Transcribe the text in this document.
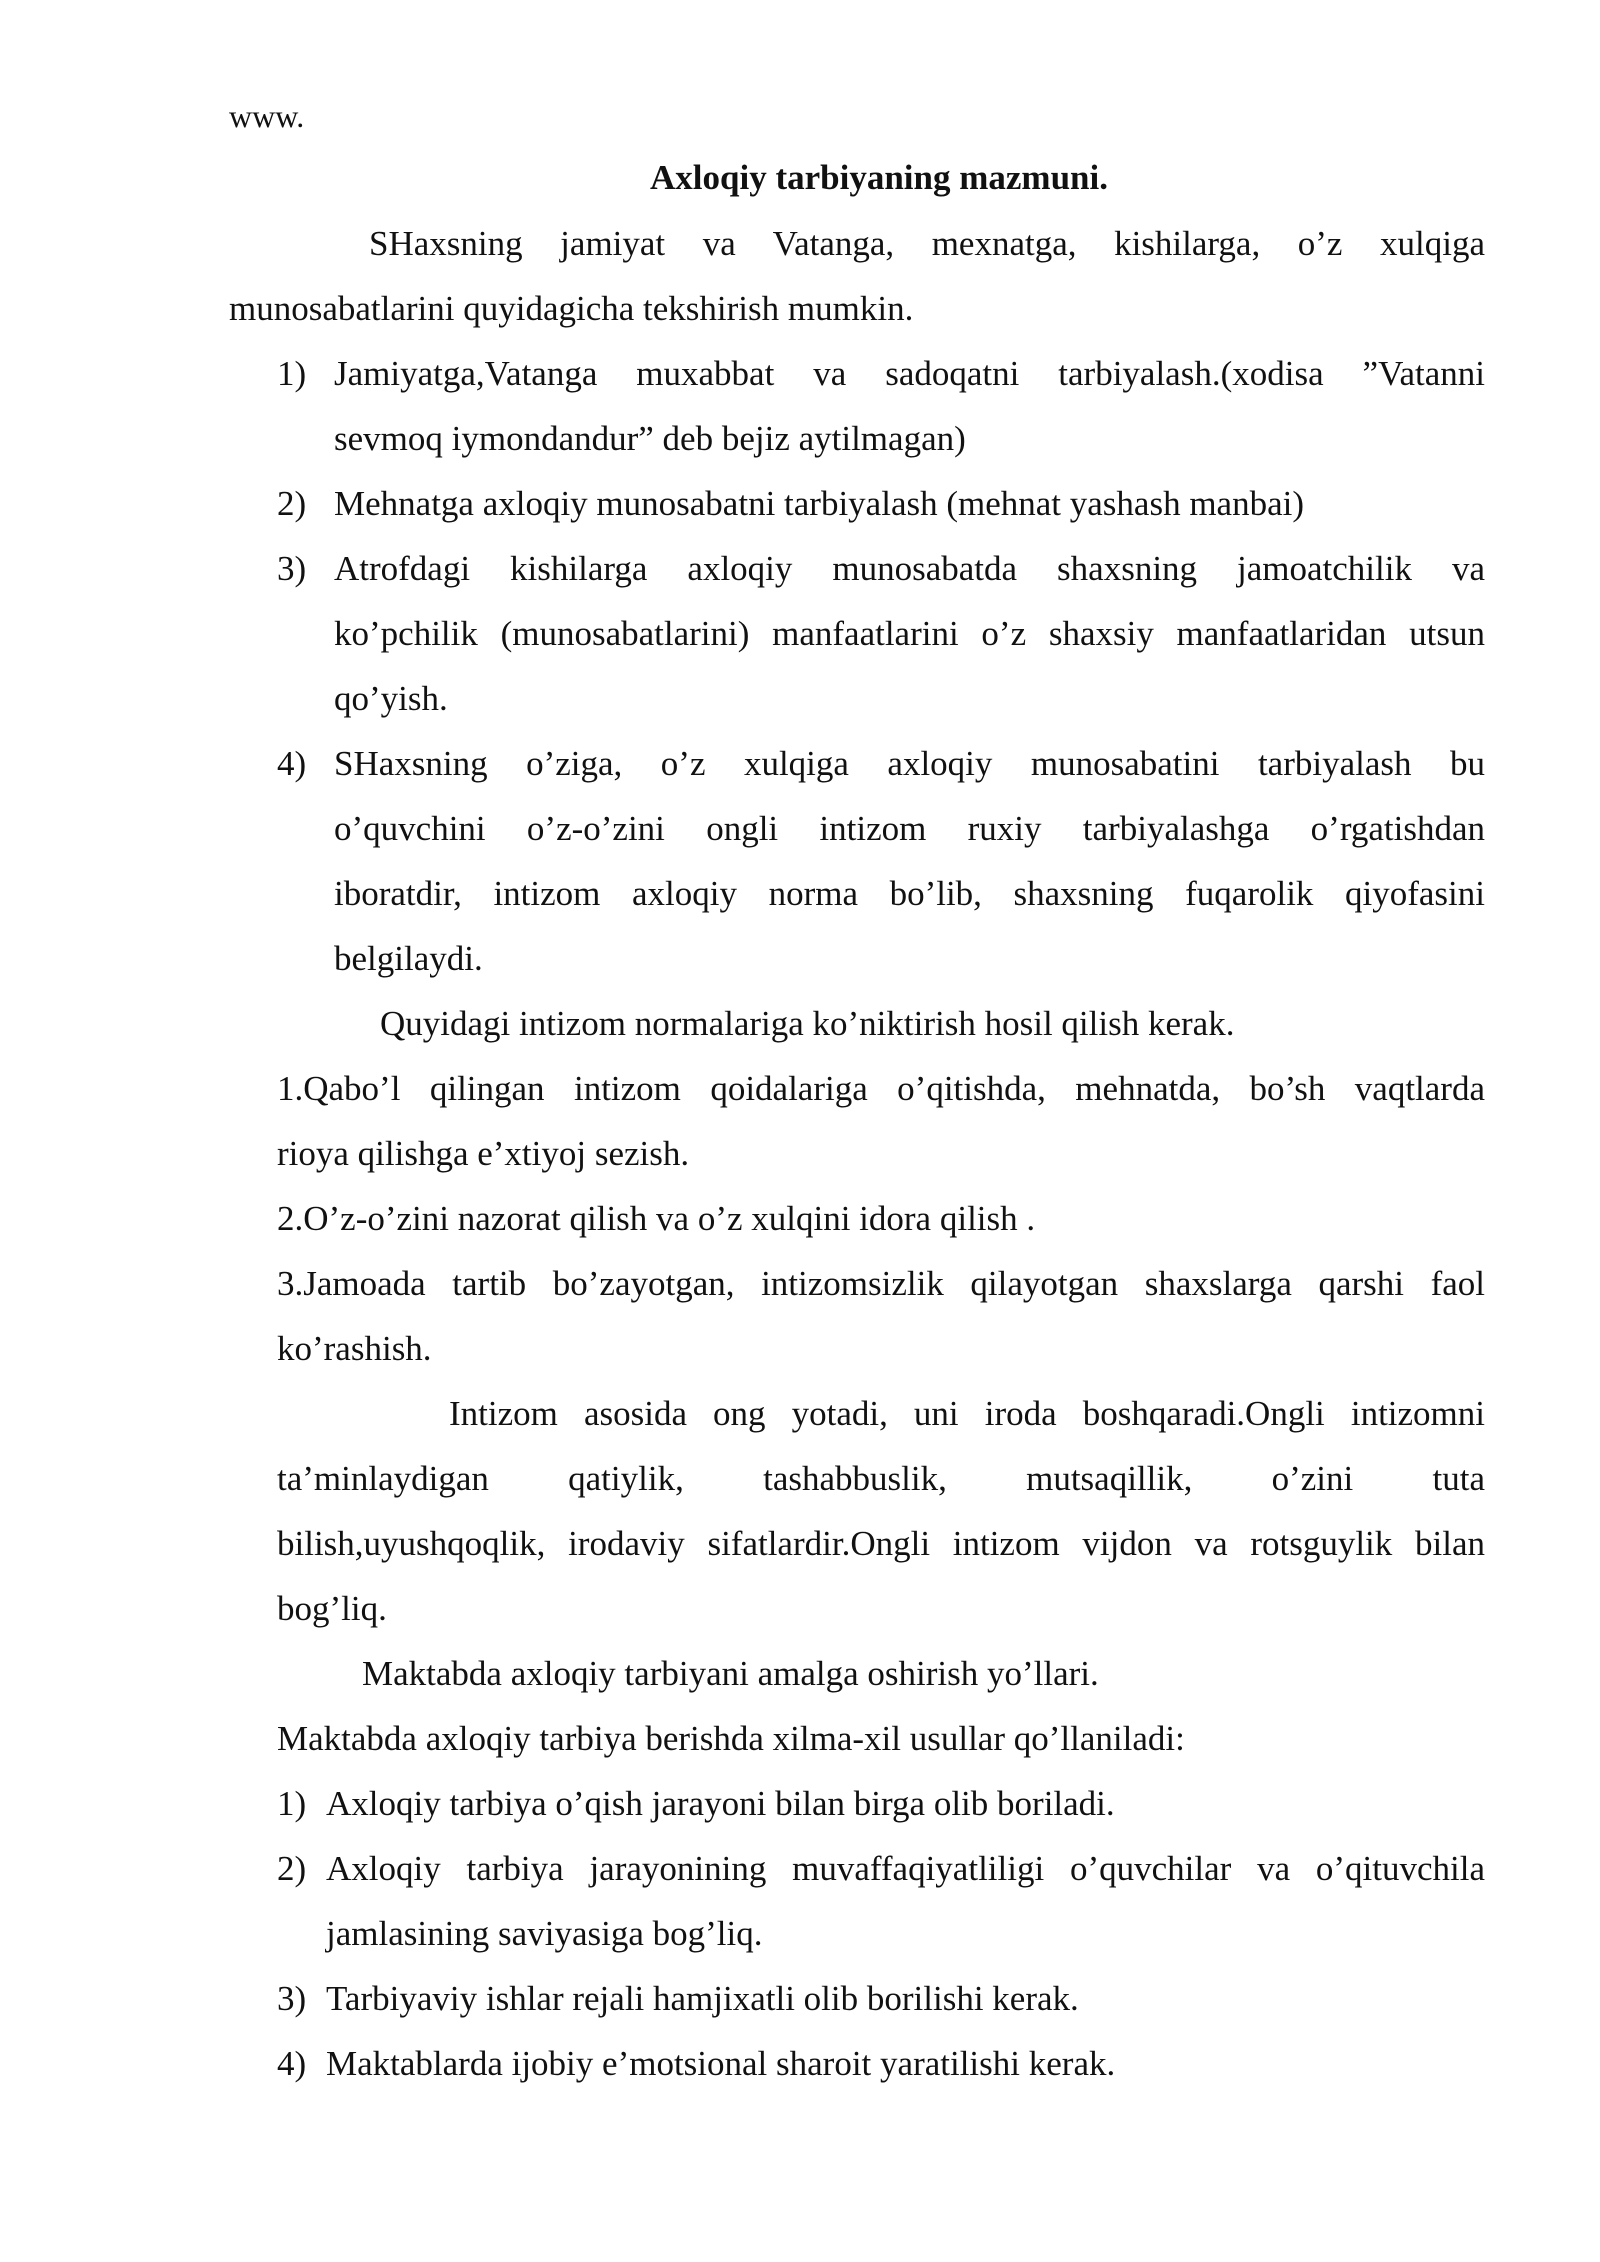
www.
Axloqiy tarbiyaning mazmuni.
SHaxsning jamiyat va Vatanga, mexnatga, kishilarga, o’z xulqiga
munosabatlarini quyidagicha tekshirish mumkin.
1) Jamiyatga,Vatanga muxabbat va sadoqatni tarbiyalash.(xodisa ”Vatanni
sevmoq iymondandur” deb bejiz aytilmagan)
2) Mehnatga axloqiy munosabatni tarbiyalash (mehnat yashash manbai)
3) Atrofdagi kishilarga axloqiy munosabatda shaxsning jamoatchilik va
ko’pchilik (munosabatlarini) manfaatlarini o’z shaxsiy manfaatlaridan utsun
qo’yish.
4) SHaxsning o’ziga, o’z xulqiga axloqiy munosabatini tarbiyalash bu
o’quvchini o’z-o’zini ongli intizom ruxiy tarbiyalashga o’rgatishdan
iboratdir, intizom axloqiy norma bo’lib, shaxsning fuqarolik qiyofasini
belgilaydi.
Quyidagi intizom normalariga ko’niktirish hosil qilish kerak.
1.Qabo’l qilingan intizom qoidalariga o’qitishda, mehnatda, bo’sh vaqtlarda
rioya qilishga e’xtiyoj sezish.
2.O’z-o’zini nazorat qilish va o’z xulqini idora qilish .
3.Jamoada tartib bo’zayotgan, intizomsizlik qilayotgan shaxslarga qarshi faol
ko’rashish.
Intizom asosida ong yotadi, uni iroda boshqaradi.Ongli intizomni
ta’minlaydigan qatiylik, tashabbuslik, mutsaqillik, o’zini tuta
bilish,uyushqoqlik, irodaviy sifatlardir.Ongli intizom vijdon va rotsguylik bilan
bog’liq.
Maktabda axloqiy tarbiyani amalga oshirish yo’llari.
Maktabda axloqiy tarbiya berishda xilma-xil usullar qo’llaniladi:
1) Axloqiy tarbiya o’qish jarayoni bilan birga olib boriladi.
2) Axloqiy tarbiya jarayonining muvaffaqiyatliligi o’quvchilar va o’qituvchila
jamlasining saviyasiga bog’liq.
3) Tarbiyaviy ishlar rejali hamjixatli olib borilishi kerak.
4) Maktablarda ijobiy e’motsional sharoit yaratilishi kerak.
